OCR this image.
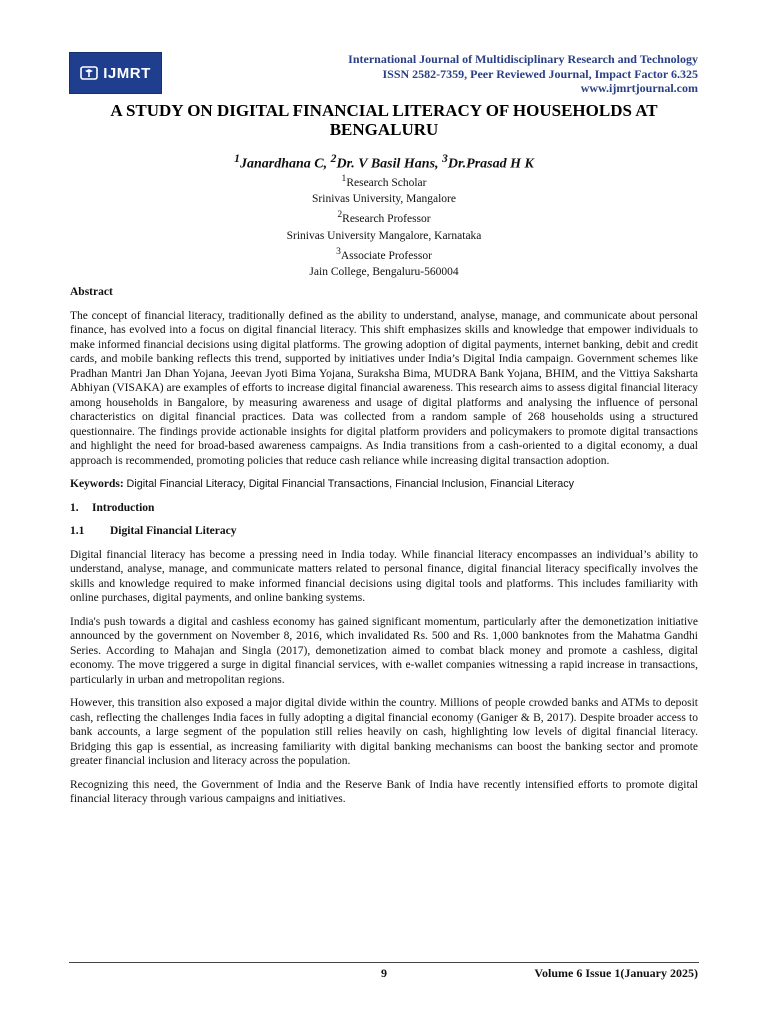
IJMRT
International Journal of Multidisciplinary Research and Technology
ISSN 2582-7359, Peer Reviewed Journal, Impact Factor 6.325
www.ijmrtjournal.com
A STUDY ON DIGITAL FINANCIAL LITERACY OF HOUSEHOLDS AT BENGALURU
$^1$Janardhana C, $^2$Dr. V Basil Hans, $^3$Dr.Prasad H K
$^1$Research Scholar
Srinivas University, Mangalore
$^2$Research Professor
Srinivas University Mangalore, Karnataka
$^3$Associate Professor
Jain College, Bengaluru-560004
Abstract

The concept of financial literacy, traditionally defined as the ability to understand, analyse, manage, and communicate about personal finance, has evolved into a focus on digital financial literacy. This shift emphasizes skills and knowledge that empower individuals to make informed financial decisions using digital platforms. The growing adoption of digital payments, internet banking, debit and credit cards, and mobile banking reflects this trend, supported by initiatives under India’s Digital India campaign. Government schemes like Pradhan Mantri Jan Dhan Yojana, Jeevan Jyoti Bima Yojana, Suraksha Bima, MUDRA Bank Yojana, BHIM, and the Vittiya Saksharta Abhiyan (VISAKA) are examples of efforts to increase digital financial awareness. This research aims to assess digital financial literacy among households in Bangalore, by measuring awareness and usage of digital platforms and analysing the influence of personal characteristics on digital financial practices. Data was collected from a random sample of 268 households using a structured questionnaire. The findings provide actionable insights for digital platform providers and policymakers to promote digital transactions and highlight the need for broad-based awareness campaigns. As India transitions from a cash-oriented to a digital economy, a dual approach is recommended, promoting policies that reduce cash reliance while increasing digital transaction adoption.

Keywords: Digital Financial Literacy, Digital Financial Transactions, Financial Inclusion, Financial Literacy
1. Introduction
1.1 Digital Financial Literacy

Digital financial literacy has become a pressing need in India today. While financial literacy encompasses an individual’s ability to understand, analyse, manage, and communicate matters related to personal finance, digital financial literacy specifically involves the skills and knowledge required to make informed financial decisions using digital tools and platforms. This includes familiarity with online purchases, digital payments, and online banking systems.

India's push towards a digital and cashless economy has gained significant momentum, particularly after the demonetization initiative announced by the government on November 8, 2016, which invalidated Rs. 500 and Rs. 1,000 banknotes from the Mahatma Gandhi Series. According to Mahajan and Singla (2017), demonetization aimed to combat black money and promote a cashless, digital economy. The move triggered a surge in digital financial services, with e-wallet companies witnessing a rapid increase in transactions, particularly in urban and metropolitan regions.

However, this transition also exposed a major digital divide within the country. Millions of people crowded banks and ATMs to deposit cash, reflecting the challenges India faces in fully adopting a digital financial economy (Ganiger & B, 2017). Despite broader access to bank accounts, a large segment of the population still relies heavily on cash, highlighting low levels of digital financial literacy. Bridging this gap is essential, as increasing familiarity with digital banking mechanisms can boost the banking sector and promote greater financial inclusion and literacy across the population.

Recognizing this need, the Government of India and the Reserve Bank of India have recently intensified efforts to promote digital financial literacy through various campaigns and initiatives.

9	Volume 6 Issue 1(January 2025)
